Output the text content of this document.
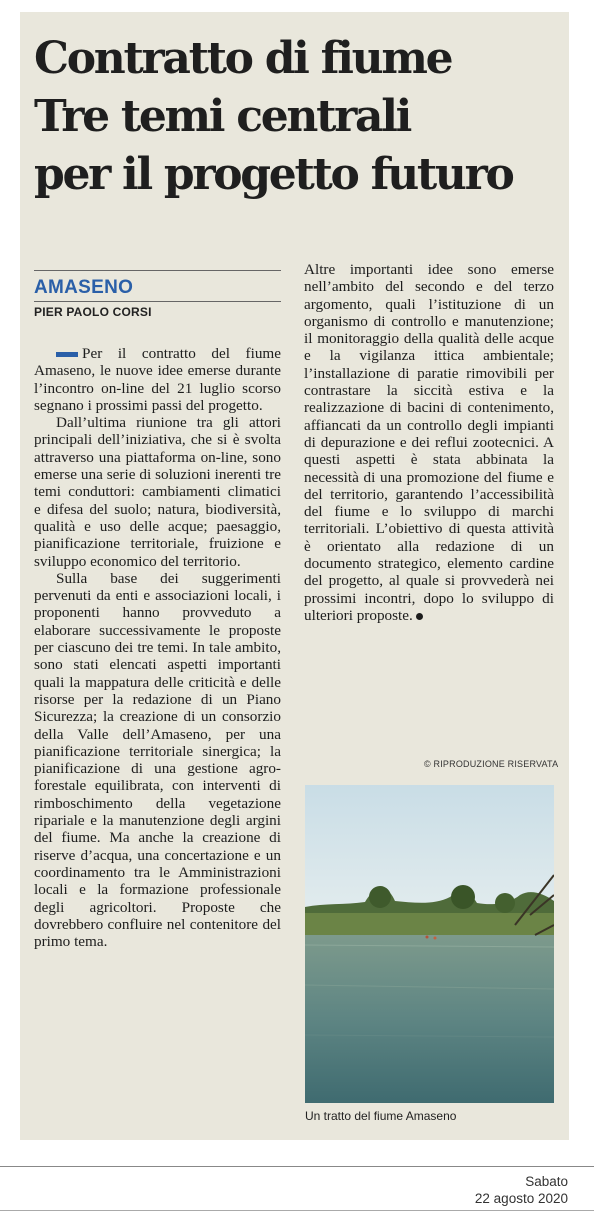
Contratto di fiume
Tre temi centrali
per il progetto futuro
AMASENO
PIER PAOLO CORSI

Per il contratto del fiume Amaseno, le nuove idee emerse durante l’incontro on-line del 21 luglio scorso segnano i prossimi passi del progetto.

Dall’ultima riunione tra gli attori principali dell’iniziativa, che si è svolta attraverso una piattaforma on-line, sono emerse una serie di soluzioni inerenti tre temi conduttori: cambiamenti climatici e difesa del suolo; natura, biodiversità, qualità e uso delle acque; paesaggio, pianificazione territoriale, fruizione e sviluppo economico del territorio.

Sulla base dei suggerimenti pervenuti da enti e associazioni locali, i proponenti hanno provveduto a elaborare successivamente le proposte per ciascuno dei tre temi. In tale ambito, sono stati elencati aspetti importanti quali la mappatura delle criticità e delle risorse per la redazione di un Piano Sicurezza; la creazione di un consorzio della Valle dell’Amaseno, per una pianificazione territoriale sinergica; la pianificazione di una gestione agro-forestale equilibrata, con interventi di rimboschimento della vegetazione ripariale e la manutenzione degli argini del fiume. Ma anche la creazione di riserve d’acqua, una concertazione e un coordinamento tra le Amministrazioni locali e la formazione professionale degli agricoltori. Proposte che dovrebbero confluire nel contenitore del primo tema.

Altre importanti idee sono emerse nell’ambito del secondo e del terzo argomento, quali l’istituzione di un organismo di controllo e manutenzione; il monitoraggio della qualità delle acque e la vigilanza ittica ambientale; l’installazione di paratie rimovibili per contrastare la siccità estiva e la realizzazione di bacini di contenimento, affiancati da un controllo degli impianti di depurazione e dei reflui zootecnici. A questi aspetti è stata abbinata la necessità di una promozione del fiume e del territorio, garantendo l’accessibilità del fiume e lo sviluppo di marchi territoriali. L’obiettivo di questa attività è orientato alla redazione di un documento strategico, elemento cardine del progetto, al quale si provvederà nei prossimi incontri, dopo lo sviluppo di ulteriori proposte.

© RIPRODUZIONE RISERVATA
Un tratto del fiume Amaseno
Sabato
22 agosto 2020
